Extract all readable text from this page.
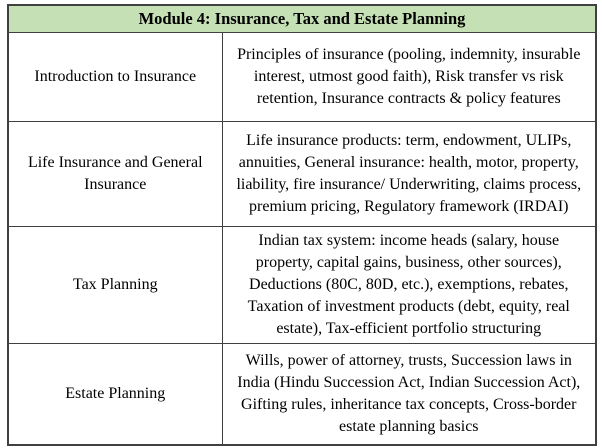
Module 4: Insurance, Tax and Estate Planning	
Introduction to Insurance	Principles of insurance (pooling, indemnity, insurable interest, utmost good faith), Risk transfer vs risk retention, Insurance contracts & policy features
Life Insurance and General Insurance	Life insurance products: term, endowment, ULIPs, annuities, General insurance: health, motor, property, liability, fire insurance/ Underwriting, claims process, premium pricing, Regulatory framework (IRDAI)
Tax Planning	Indian tax system: income heads (salary, house property, capital gains, business, other sources), Deductions (80C, 80D, etc.), exemptions, rebates, Taxation of investment products (debt, equity, real estate), Tax-efficient portfolio structuring
Estate Planning	Wills, power of attorney, trusts, Succession laws in India (Hindu Succession Act, Indian Succession Act), Gifting rules, inheritance tax concepts, Cross-border estate planning basics
